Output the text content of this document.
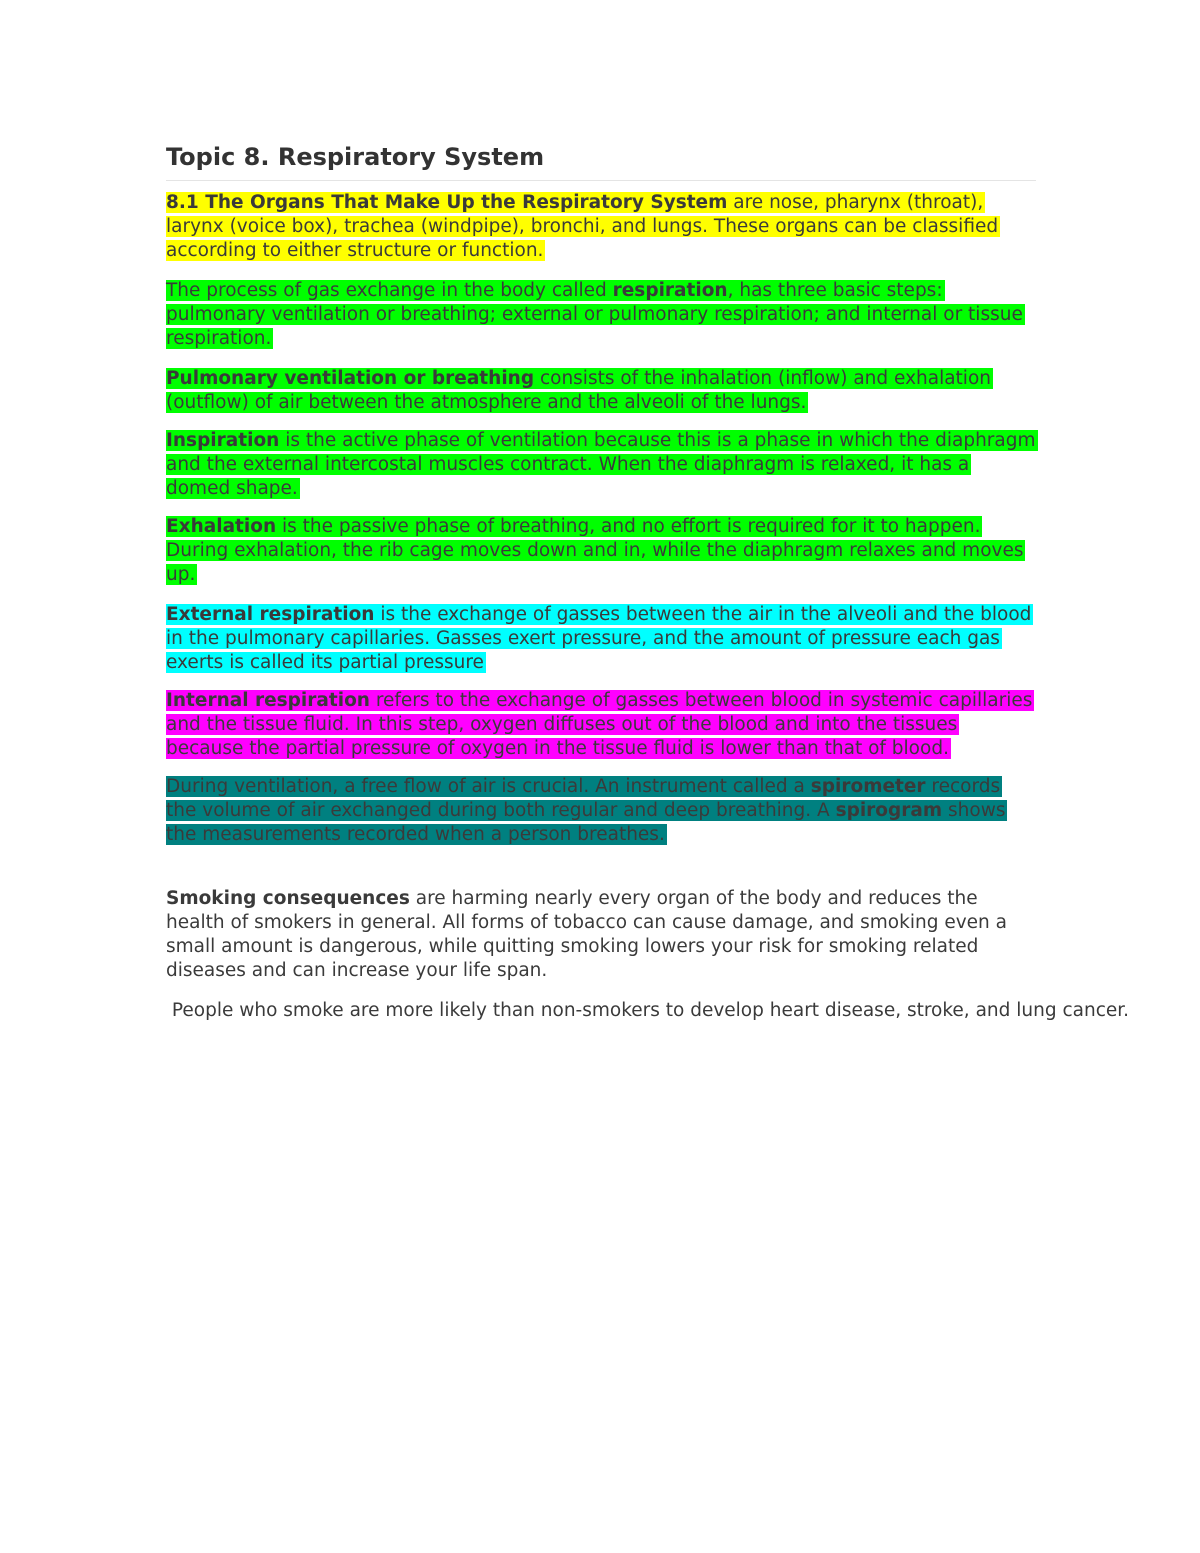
Topic 8. Respiratory System

8.1 The Organs That Make Up the Respiratory System are nose, pharynx (throat), larynx (voice box), trachea (windpipe), bronchi, and lungs. These organs can be classified according to either structure or function.

The process of gas exchange in the body called respiration, has three basic steps: pulmonary ventilation or breathing; external or pulmonary respiration; and internal or tissue respiration.

Pulmonary ventilation or breathing consists of the inhalation (inflow) and exhalation (outflow) of air between the atmosphere and the alveoli of the lungs.

Inspiration is the active phase of ventilation because this is a phase in which the diaphragm and the external intercostal muscles contract. When the diaphragm is relaxed, it has a domed shape.

Exhalation is the passive phase of breathing, and no effort is required for it to happen. During exhalation, the rib cage moves down and in, while the diaphragm relaxes and moves up.

External respiration is the exchange of gasses between the air in the alveoli and the blood in the pulmonary capillaries. Gasses exert pressure, and the amount of pressure each gas exerts is called its partial pressure

Internal respiration refers to the exchange of gasses between blood in systemic capillaries and the tissue fluid. In this step, oxygen diffuses out of the blood and into the tissues because the partial pressure of oxygen in the tissue fluid is lower than that of blood.

During ventilation, a free flow of air is crucial. An instrument called a spirometer records the volume of air exchanged during both regular and deep breathing. A spirogram shows the measurements recorded when a person breathes.

Smoking consequences are harming nearly every organ of the body and reduces the health of smokers in general. All forms of tobacco can cause damage, and smoking even a small amount is dangerous, while quitting smoking lowers your risk for smoking related diseases and can increase your life span.

People who smoke are more likely than non-smokers to develop heart disease, stroke, and lung cancer.
